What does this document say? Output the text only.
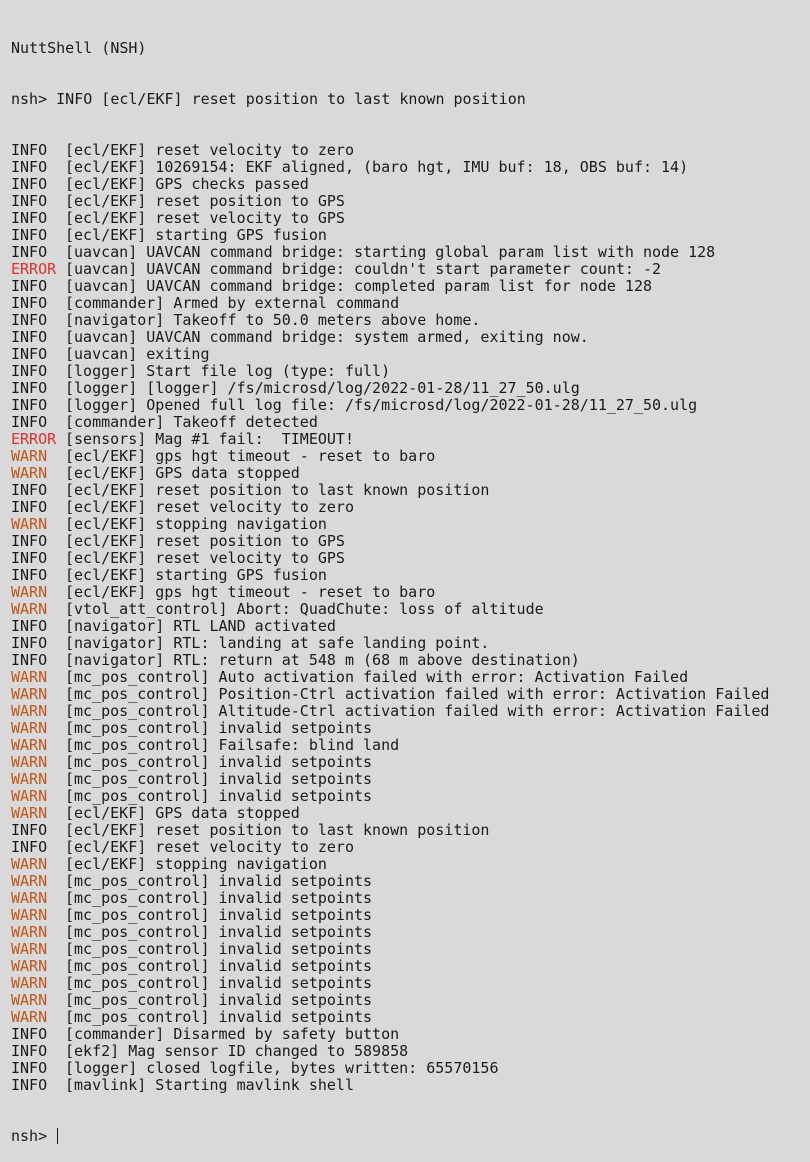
NuttShell (NSH)

nsh> INFO [ecl/EKF] reset position to last known position

INFO [ecl/EKF] reset velocity to zero
INFO [ecl/EKF] 10269154: EKF aligned, (baro hgt, IMU buf: 18, OBS buf: 14)
INFO [ecl/EKF] GPS checks passed
INFO [ecl/EKF] reset position to GPS
INFO [ecl/EKF] reset velocity to GPS
INFO [ecl/EKF] starting GPS fusion
INFO [uavcan] UAVCAN command bridge: starting global param list with node 128
ERROR [uavcan] UAVCAN command bridge: couldn't start parameter count: -2
INFO [uavcan] UAVCAN command bridge: completed param list for node 128
INFO [commander] Armed by external command
INFO [navigator] Takeoff to 50.0 meters above home.
INFO [uavcan] UAVCAN command bridge: system armed, exiting now.
INFO [uavcan] exiting
INFO [logger] Start file log (type: full)
INFO [logger] [logger] /fs/microsd/log/2022-01-28/11_27_50.ulg
INFO [logger] Opened full log file: /fs/microsd/log/2022-01-28/11_27_50.ulg
INFO [commander] Takeoff detected
ERROR [sensors] Mag #1 fail:  TIMEOUT!
WARN [ecl/EKF] gps hgt timeout - reset to baro
WARN [ecl/EKF] GPS data stopped
INFO [ecl/EKF] reset position to last known position
INFO [ecl/EKF] reset velocity to zero
WARN [ecl/EKF] stopping navigation
INFO [ecl/EKF] reset position to GPS
INFO [ecl/EKF] reset velocity to GPS
INFO [ecl/EKF] starting GPS fusion
WARN [ecl/EKF] gps hgt timeout - reset to baro
WARN [vtol_att_control] Abort: QuadChute: loss of altitude
INFO [navigator] RTL LAND activated
INFO [navigator] RTL: landing at safe landing point.
INFO [navigator] RTL: return at 548 m (68 m above destination)
WARN [mc_pos_control] Auto activation failed with error: Activation Failed
WARN [mc_pos_control] Position-Ctrl activation failed with error: Activation Failed
WARN [mc_pos_control] Altitude-Ctrl activation failed with error: Activation Failed
WARN [mc_pos_control] invalid setpoints
WARN [mc_pos_control] Failsafe: blind land
WARN [mc_pos_control] invalid setpoints
WARN [mc_pos_control] invalid setpoints
WARN [mc_pos_control] invalid setpoints
WARN [ecl/EKF] GPS data stopped
INFO [ecl/EKF] reset position to last known position
INFO [ecl/EKF] reset velocity to zero
WARN [ecl/EKF] stopping navigation
WARN [mc_pos_control] invalid setpoints
WARN [mc_pos_control] invalid setpoints
WARN [mc_pos_control] invalid setpoints
WARN [mc_pos_control] invalid setpoints
WARN [mc_pos_control] invalid setpoints
WARN [mc_pos_control] invalid setpoints
WARN [mc_pos_control] invalid setpoints
WARN [mc_pos_control] invalid setpoints
WARN [mc_pos_control] invalid setpoints
INFO [commander] Disarmed by safety button
INFO [ekf2] Mag sensor ID changed to 589858
INFO [logger] closed logfile, bytes written: 65570156
INFO [mavlink] Starting mavlink shell

nsh>
